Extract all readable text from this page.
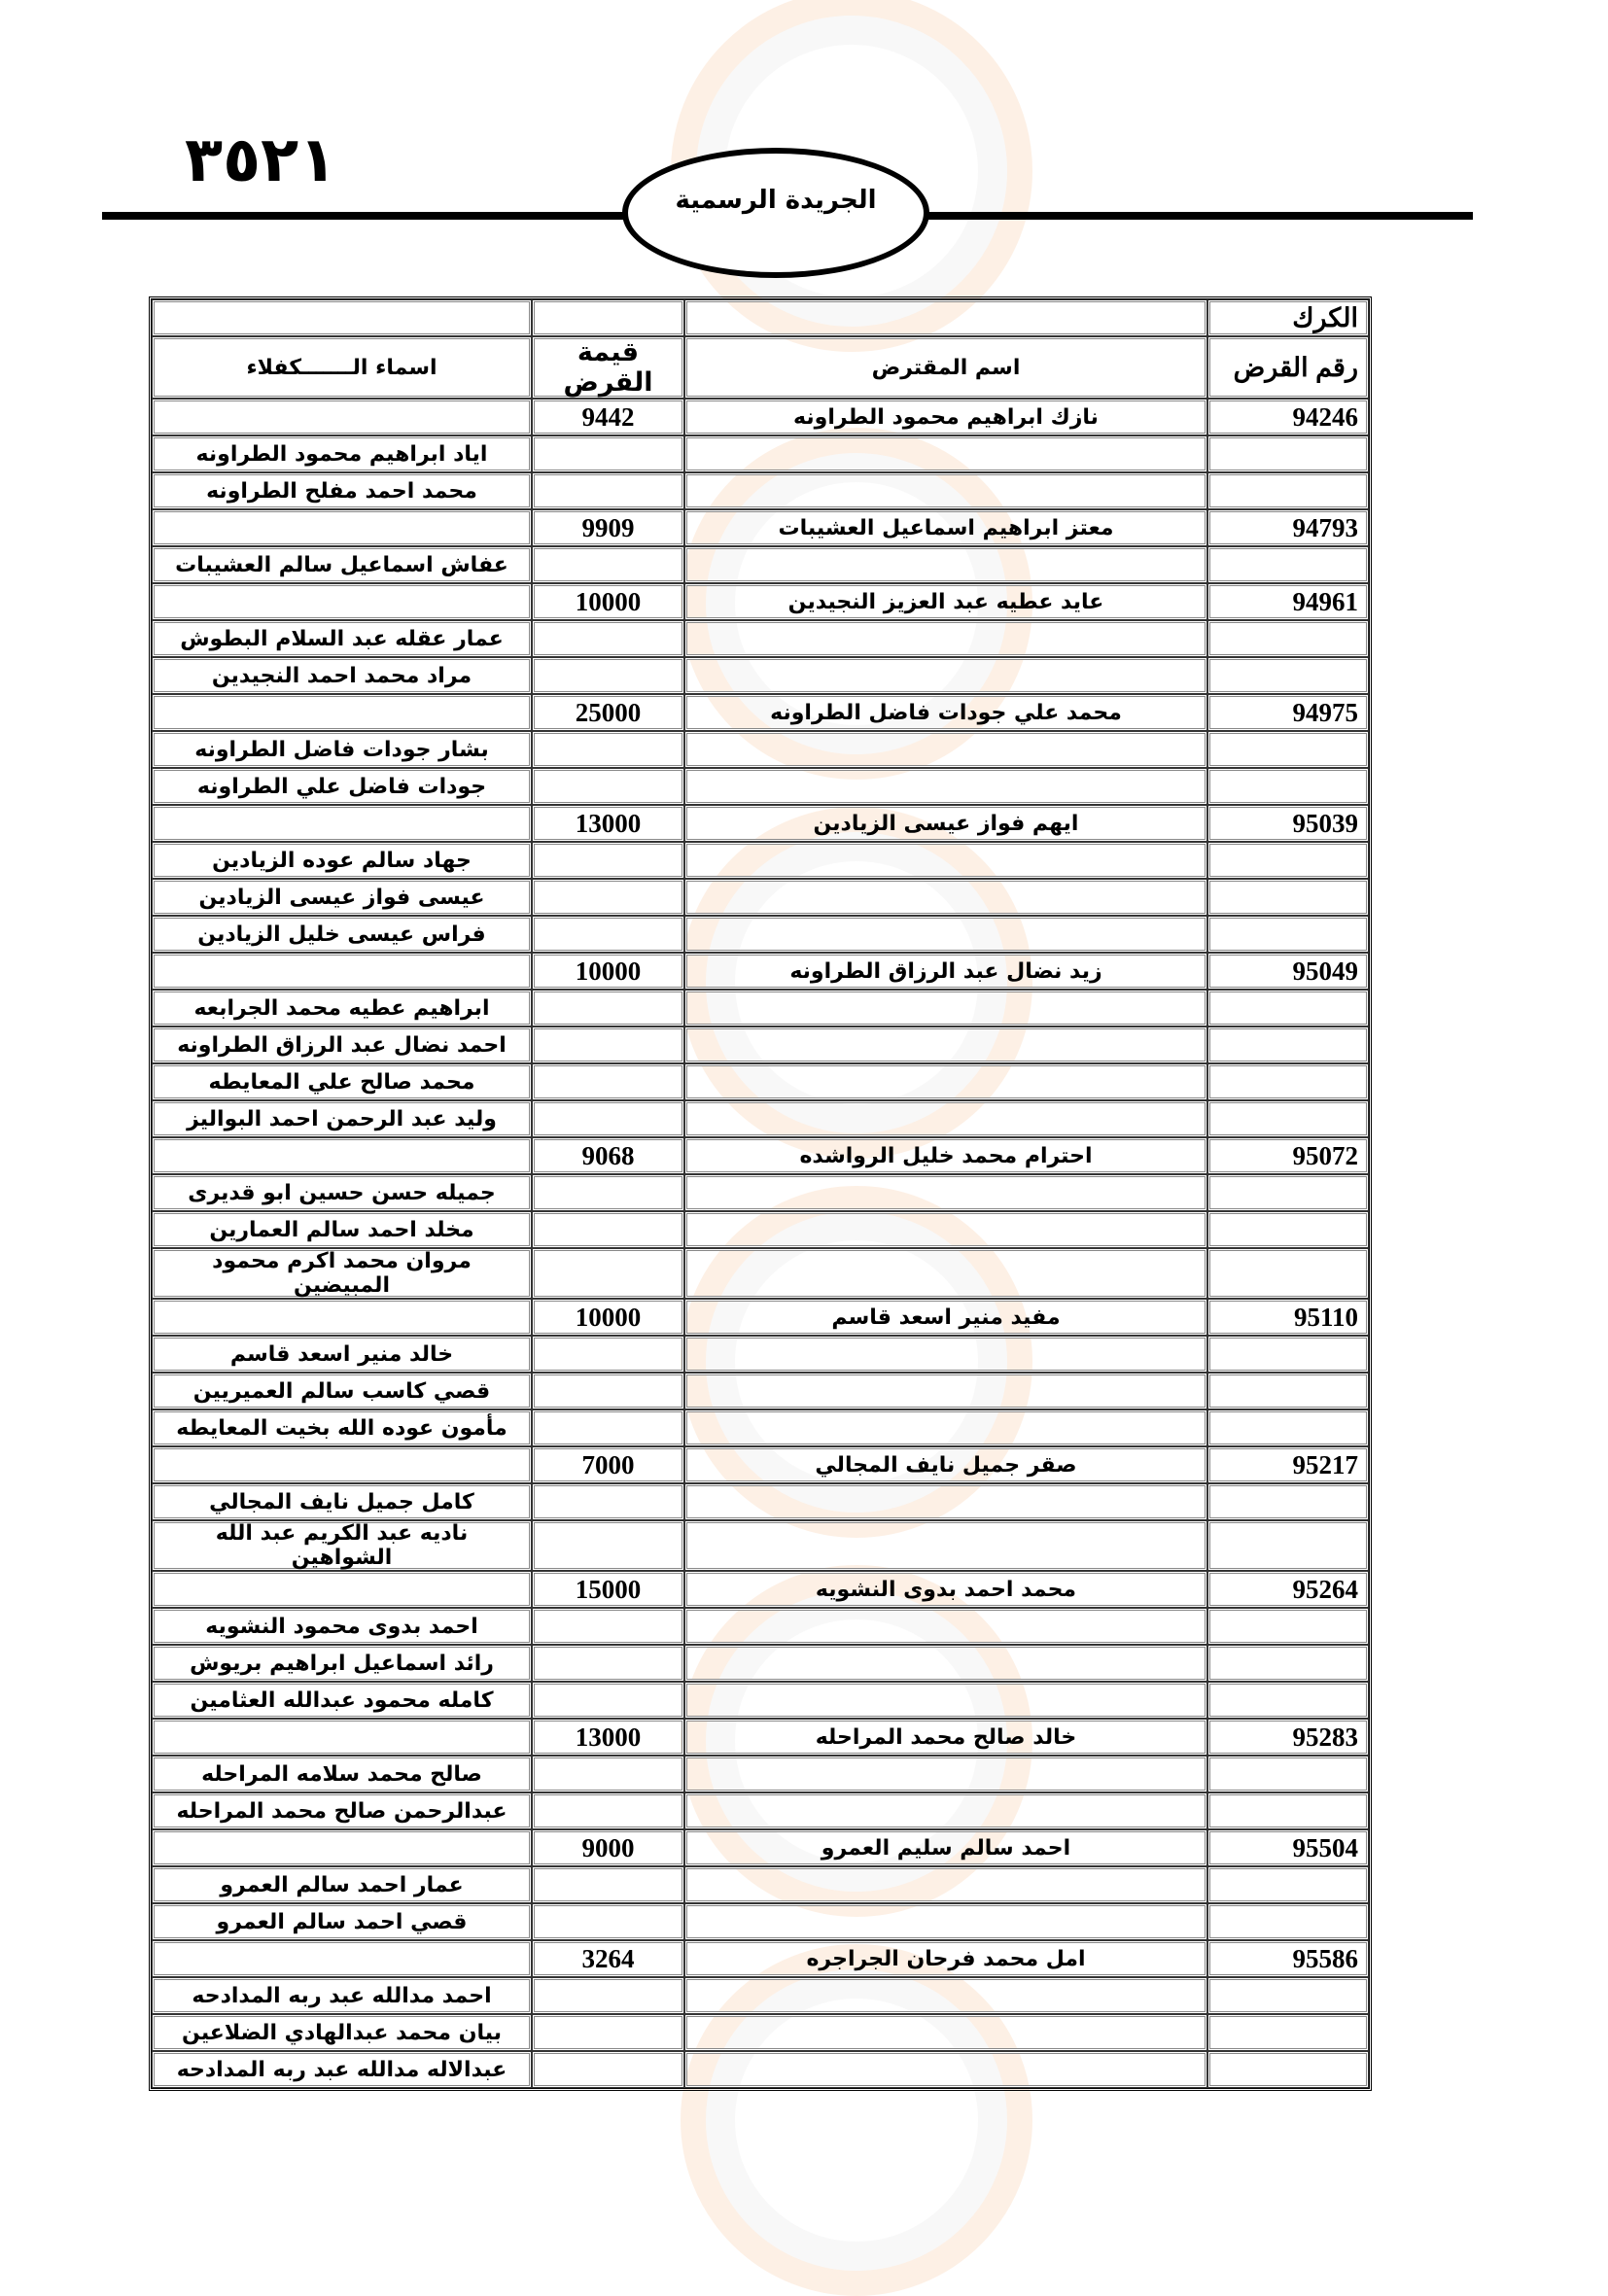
٣٥٢١
الجريدة الرسمية
الكرك			
رقم القرض	اسم المقترض	قيمة القرض	اسماء الـــــــكفلاء
94246	نازك ابراهيم محمود الطراونه	9442	
			اياد ابراهيم محمود الطراونه
			محمد احمد مفلح الطراونه
94793	معتز ابراهيم اسماعيل العشيبات	9909	
			عفاش اسماعيل سالم العشيبات
94961	عايد عطيه عبد العزيز النجيدين	10000	
			عمار عقله عبد السلام البطوش
			مراد محمد احمد النجيدين
94975	محمد علي جودات فاضل الطراونه	25000	
			بشار جودات فاضل الطراونه
			جودات فاضل علي الطراونه
95039	ايهم فواز عيسى الزيادين	13000	
			جهاد سالم عوده الزيادين
			عيسى فواز عيسى الزيادين
			فراس عيسى خليل الزيادين
95049	زيد نضال عبد الرزاق الطراونه	10000	
			ابراهيم عطيه محمد الجرابعه
			احمد نضال عبد الرزاق الطراونه
			محمد صالح علي المعايطه
			وليد عبد الرحمن احمد البواليز
95072	احترام محمد خليل الرواشده	9068	
			جميله حسن حسين ابو قديرى
			مخلد احمد سالم العمارين
			مروان محمد اكرم محمود المبيضين
95110	مفيد منير اسعد قاسم	10000	
			خالد منير اسعد قاسم
			قصي كاسب سالم العميريين
			مأمون عوده الله بخيت المعايطه
95217	صقر جميل نايف المجالي	7000	
			كامل جميل نايف المجالي
			ناديه عبد الكريم عبد الله الشواهين
95264	محمد احمد بدوى النشويه	15000	
			احمد بدوى محمود النشويه
			رائد اسماعيل ابراهيم بريوش
			كامله محمود عبدالله العثامين
95283	خالد صالح محمد المراحله	13000	
			صالح محمد سلامه المراحله
			عبدالرحمن صالح محمد المراحله
95504	احمد سالم سليم العمرو	9000	
			عمار احمد سالم العمرو
			قصي احمد سالم العمرو
95586	امل محمد فرحان الجراجره	3264	
			احمد مدالله عبد ربه المدادحه
			بيان محمد عبدالهادي الضلاعين
			عبدالاله مدالله عبد ربه المدادحه
